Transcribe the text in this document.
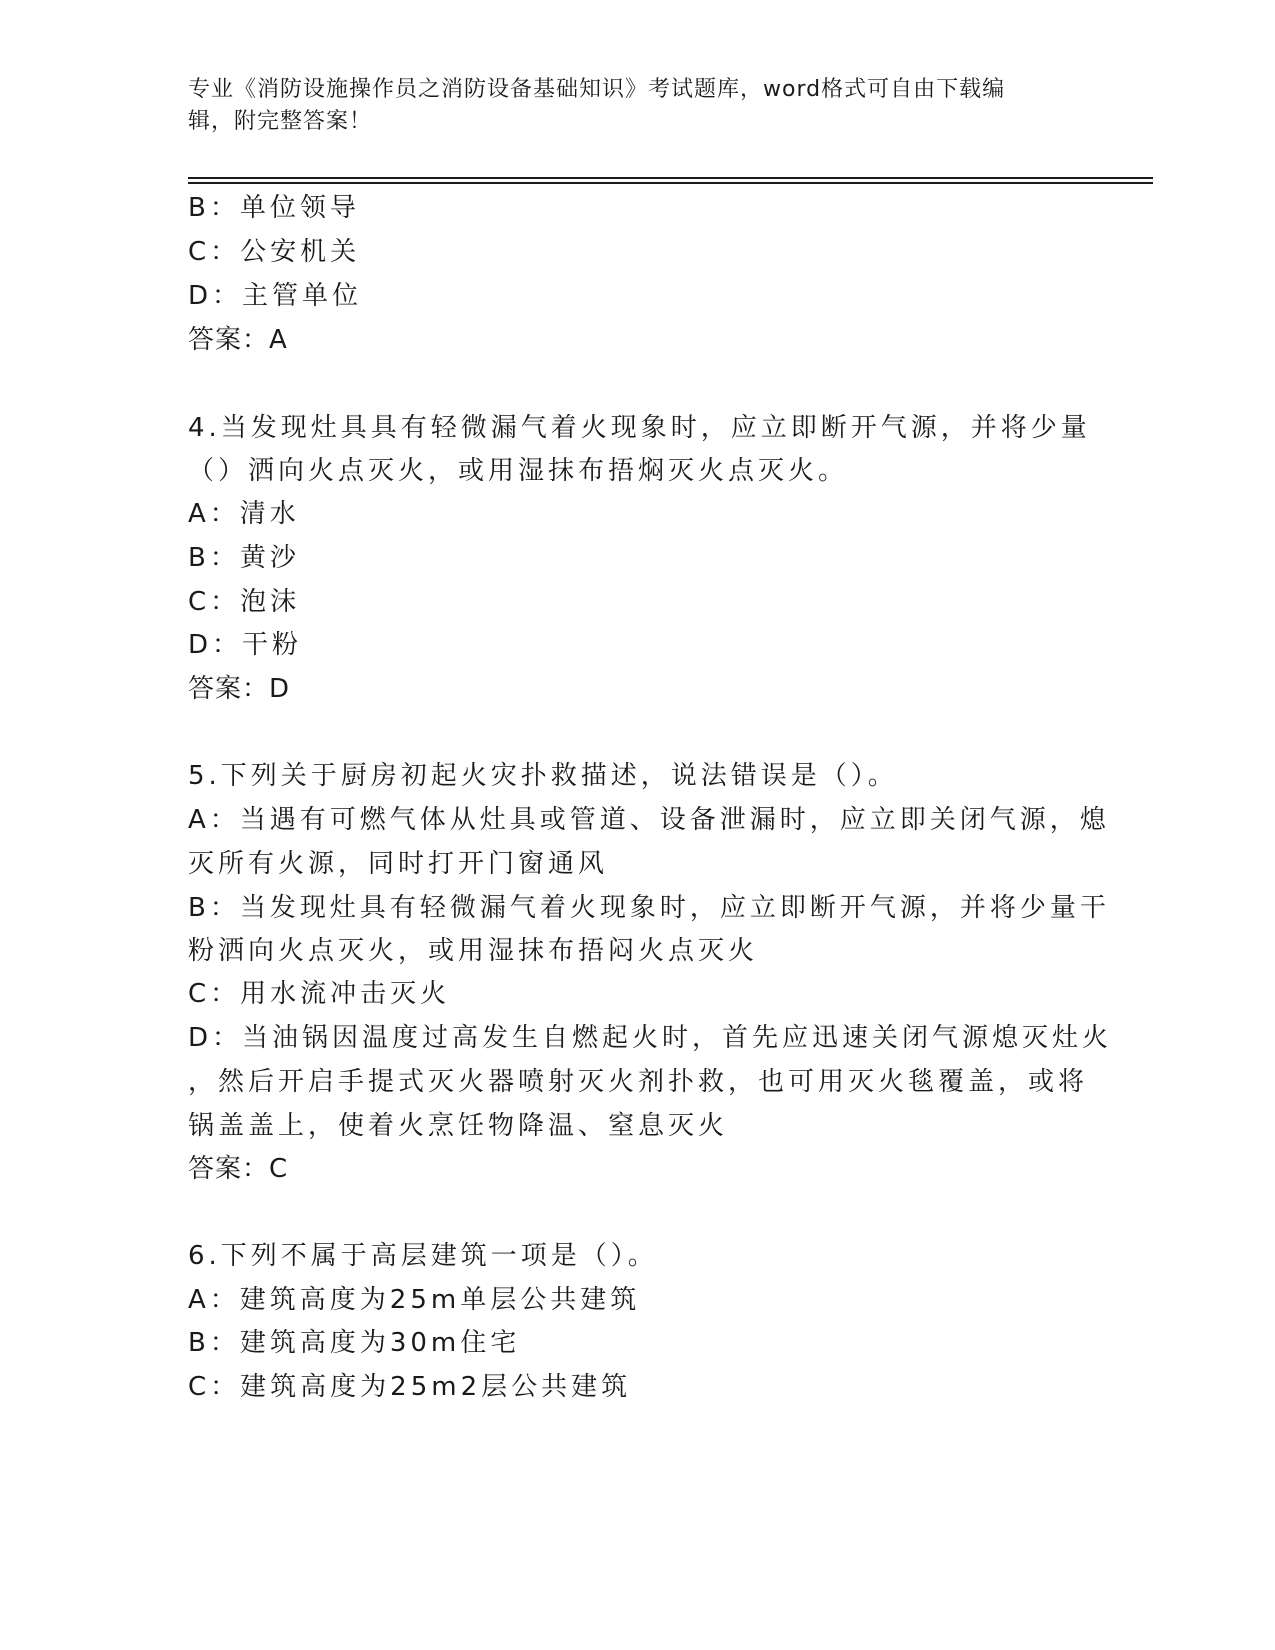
专业《消防设施操作员之消防设备基础知识》考试题库，word格式可自由下载编
辑，附完整答案！
B：单位领导
C：公安机关
D：主管单位
答案：A
4.当发现灶具具有轻微漏气着火现象时，应立即断开气源，并将少量
（）洒向火点灭火，或用湿抹布捂焖灭火点灭火。
A：清水
B：黄沙
C：泡沫
D：干粉
答案：D
5.下列关于厨房初起火灾扑救描述，说法错误是（）。
A：当遇有可燃气体从灶具或管道、设备泄漏时，应立即关闭气源，熄
灭所有火源，同时打开门窗通风
B：当发现灶具有轻微漏气着火现象时，应立即断开气源，并将少量干
粉洒向火点灭火，或用湿抹布捂闷火点灭火
C：用水流冲击灭火
D：当油锅因温度过高发生自燃起火时，首先应迅速关闭气源熄灭灶火
，然后开启手提式灭火器喷射灭火剂扑救，也可用灭火毯覆盖，或将
锅盖盖上，使着火烹饪物降温、窒息灭火
答案：C
6.下列不属于高层建筑一项是（）。
A：建筑高度为25m单层公共建筑
B：建筑高度为30m住宅
C：建筑高度为25m2层公共建筑
